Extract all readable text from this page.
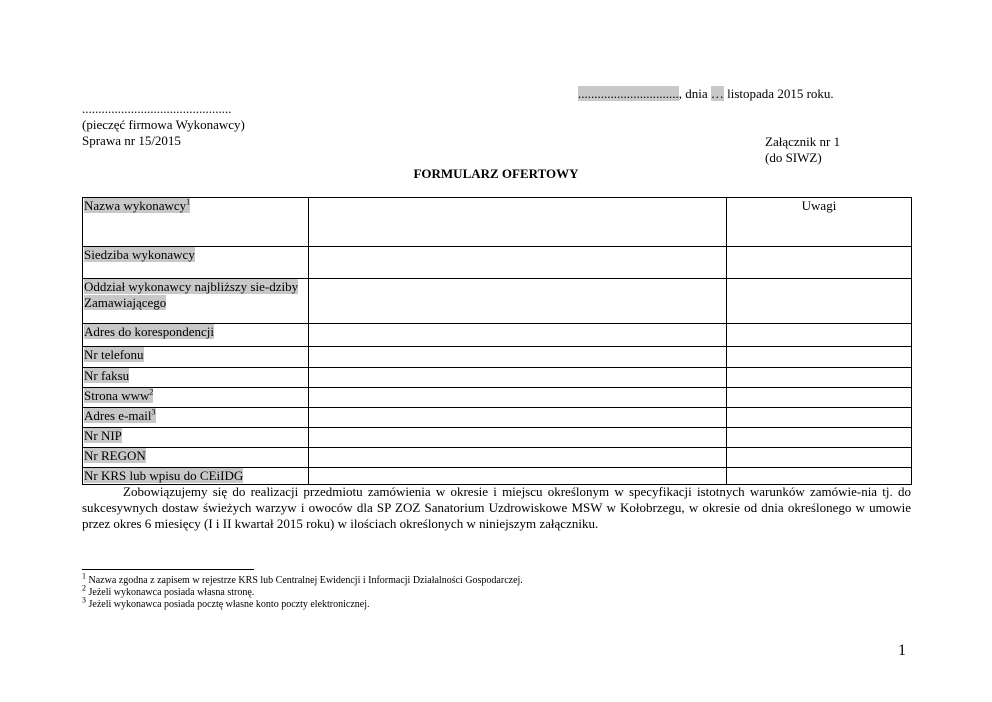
..............................., dnia … listopada 2015 roku.
..............................................
(pieczęć firmowa Wykonawcy)
Sprawa nr 15/2015	Załącznik nr 1
(do SIWZ)
FORMULARZ OFERTOWY
Nazwa wykonawcy$^1$		Uwagi
Siedziba wykonawcy		
Oddział wykonawcy najbliższy sie-dziby Zamawiającego		
Adres do korespondencji		
Nr telefonu		
Nr faksu		
Strona www$^2$		
Adres e-mail$^3$		
Nr NIP		
Nr REGON		
Nr KRS lub wpisu do CEiIDG		

Zobowiązujemy się do realizacji przedmiotu zamówienia w okresie i miejscu określonym w specyfikacji istotnych warunków zamówie-nia tj. do sukcesywnych dostaw świeżych warzyw i owoców dla SP ZOZ Sanatorium Uzdrowiskowe MSW w Kołobrzegu, w okresie od dnia określonego w umowie przez okres 6 miesięcy (I i II kwartał 2015 roku) w ilościach określonych w niniejszym załączniku.

$^1$ Nazwa zgodna z zapisem w rejestrze KRS lub Centralnej Ewidencji i Informacji Działalności Gospodarczej.
$^2$ Jeżeli wykonawca posiada własna stronę.
$^3$ Jeżeli wykonawca posiada pocztę własne konto poczty elektronicznej.
1
